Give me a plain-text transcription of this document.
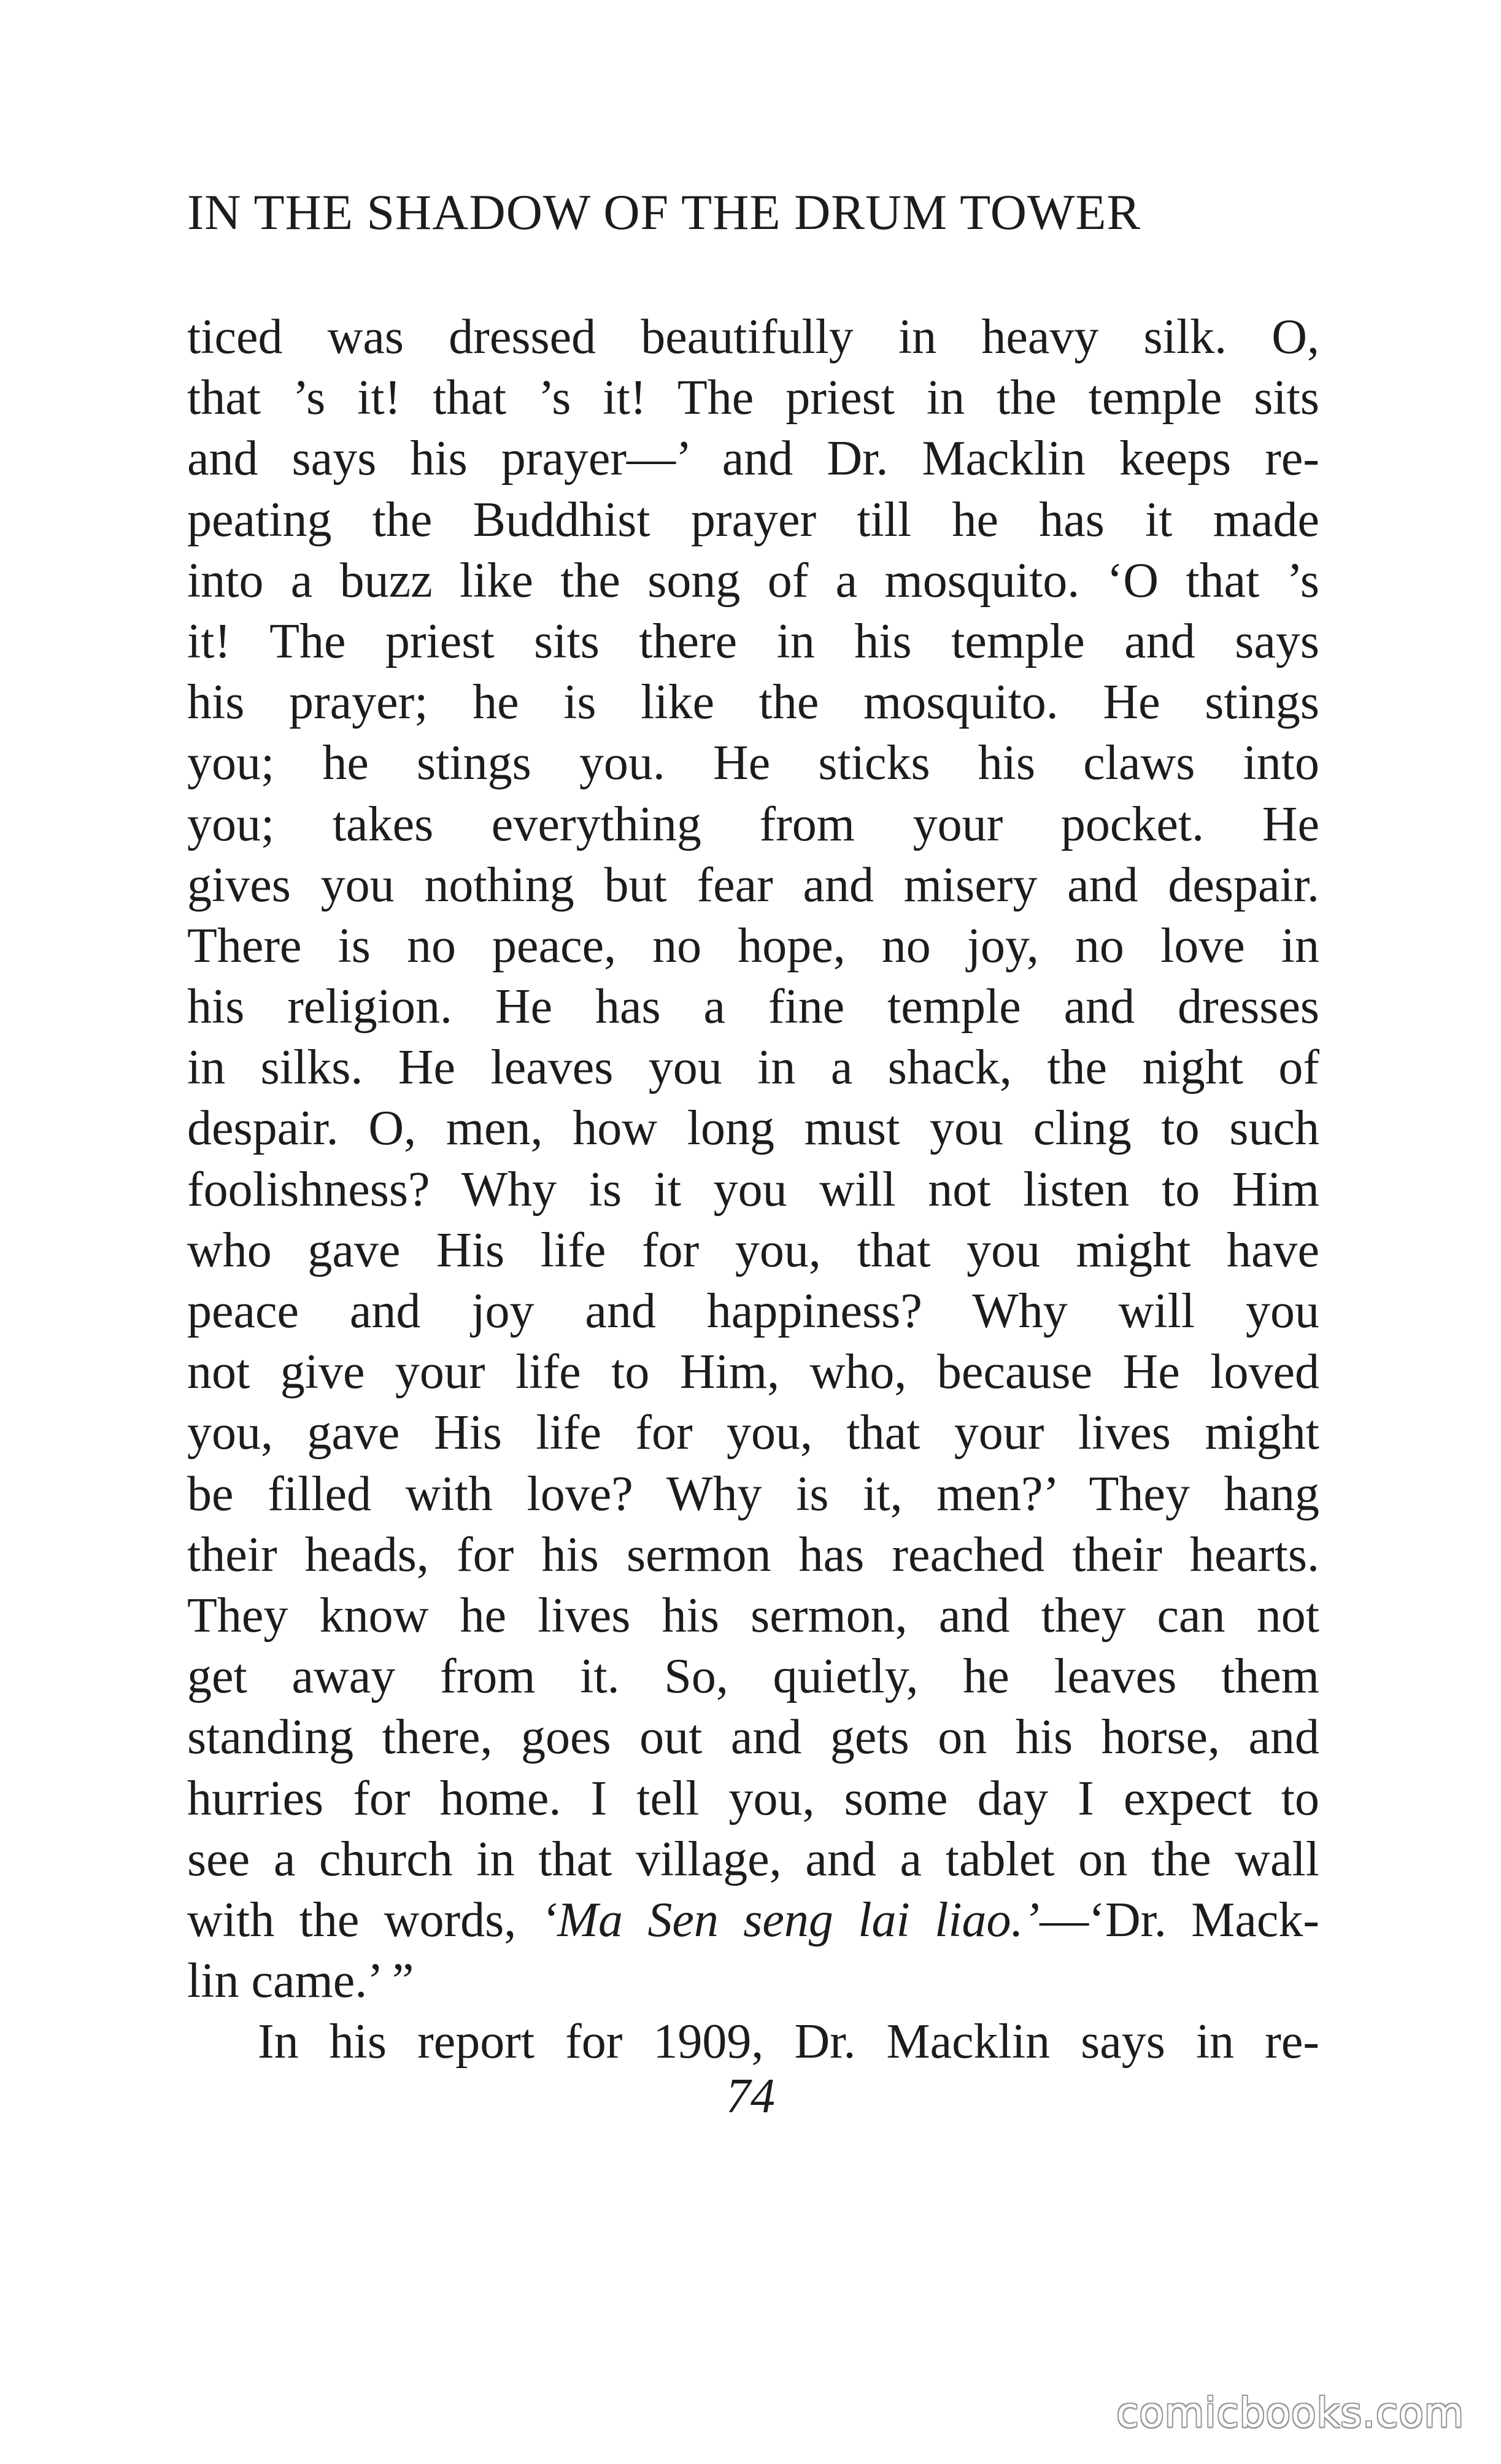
IN THE SHADOW OF THE DRUM TOWER
ticed was dressed beautifully in heavy silk. O,
that ’s it! that ’s it! The priest in the temple sits
and says his prayer—’ and Dr. Macklin keeps re-
peating the Buddhist prayer till he has it made
into a buzz like the song of a mosquito. ‘O that ’s
it! The priest sits there in his temple and says
his prayer; he is like the mosquito. He stings
you; he stings you. He sticks his claws into
you; takes everything from your pocket. He
gives you nothing but fear and misery and despair.
There is no peace, no hope, no joy, no love in
his religion. He has a fine temple and dresses
in silks. He leaves you in a shack, the night of
despair. O, men, how long must you cling to such
foolishness? Why is it you will not listen to Him
who gave His life for you, that you might have
peace and joy and happiness? Why will you
not give your life to Him, who, because He loved
you, gave His life for you, that your lives might
be filled with love? Why is it, men?’ They hang
their heads, for his sermon has reached their hearts.
They know he lives his sermon, and they can not
get away from it. So, quietly, he leaves them
standing there, goes out and gets on his horse, and
hurries for home. I tell you, some day I expect to
see a church in that village, and a tablet on the wall
with the words, ‘Ma Sen seng lai liao.’—‘Dr. Mack-
lin came.’ ”
In his report for 1909, Dr. Macklin says in re-
74
comicbooks.com
